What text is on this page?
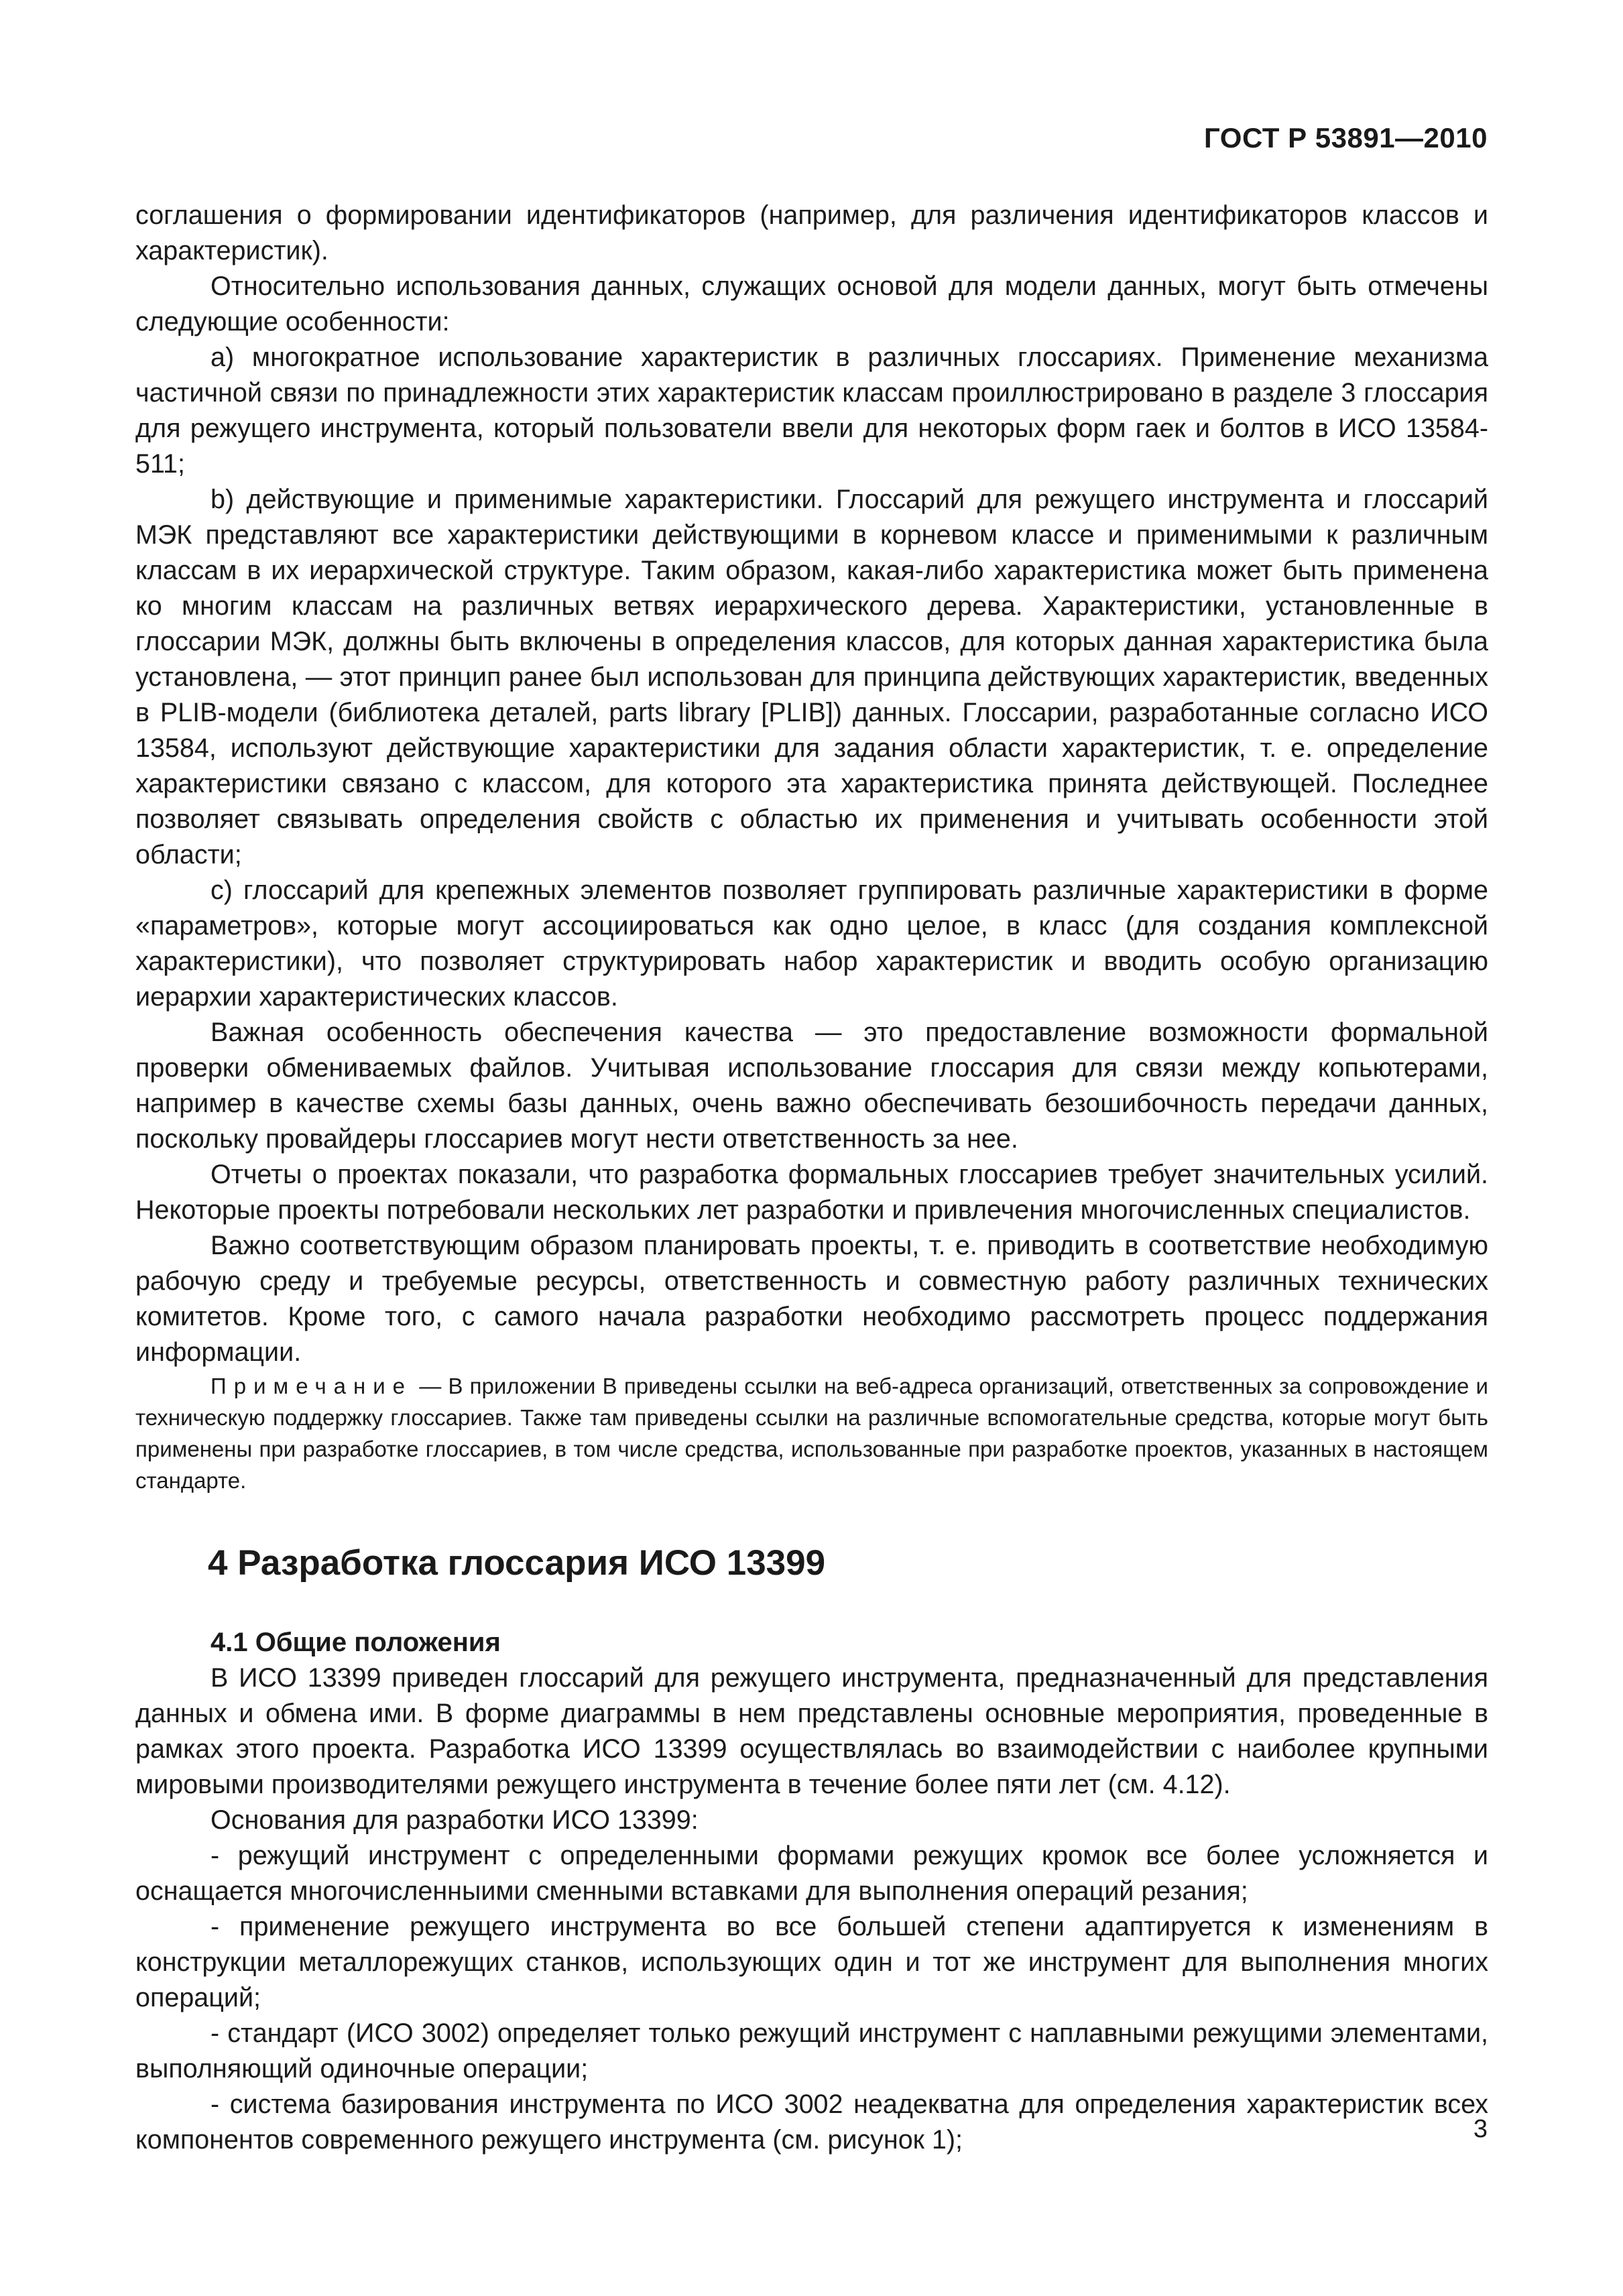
ГОСТ Р 53891—2010

соглашения о формировании идентификаторов (например, для различения идентификаторов классов и характеристик).

Относительно использования данных, служащих основой для модели данных, могут быть отмечены следующие особенности:

a) многократное использование характеристик в различных глоссариях. Применение механизма частичной связи по принадлежности этих характеристик классам проиллюстрировано в разделе 3 глоссария для режущего инструмента, который пользователи ввели для некоторых форм гаек и болтов в ИСО 13584-511;

b) действующие и применимые характеристики. Глоссарий для режущего инструмента и глоссарий МЭК представляют все характеристики действующими в корневом классе и применимыми к различным классам в их иерархической структуре. Таким образом, какая-либо характеристика может быть применена ко многим классам на различных ветвях иерархического дерева. Характеристики, установленные в глоссарии МЭК, должны быть включены в определения классов, для которых данная характеристика была установлена, — этот принцип ранее был использован для принципа действующих характеристик, введенных в PLIB-модели (библиотека деталей, parts library [PLIB]) данных. Глоссарии, разработанные согласно ИСО 13584, используют действующие характеристики для задания области характеристик, т. е. определение характеристики связано с классом, для которого эта характеристика принята действующей. Последнее позволяет связывать определения свойств с областью их применения и учитывать особенности этой области;

c) глоссарий для крепежных элементов позволяет группировать различные характеристики в форме «параметров», которые могут ассоциироваться как одно целое, в класс (для создания комплексной характеристики), что позволяет структурировать набор характеристик и вводить особую организацию иерархии характеристических классов.

Важная особенность обеспечения качества — это предоставление возможности формальной проверки обмениваемых файлов. Учитывая использование глоссария для связи между копьютерами, например в качестве схемы базы данных, очень важно обеспечивать безошибочность передачи данных, поскольку провайдеры глоссариев могут нести ответственность за нее.

Отчеты о проектах показали, что разработка формальных глоссариев требует значительных усилий. Некоторые проекты потребовали нескольких лет разработки и привлечения многочисленных специалистов.

Важно соответствующим образом планировать проекты, т. е. приводить в соответствие необходимую рабочую среду и требуемые ресурсы, ответственность и совместную работу различных технических комитетов. Кроме того, с самого начала разработки необходимо рассмотреть процесс поддержания информации.

Примечание — В приложении В приведены ссылки на веб-адреса организаций, ответственных за сопровождение и техническую поддержку глоссариев. Также там приведены ссылки на различные вспомогательные средства, которые могут быть применены при разработке глоссариев, в том числе средства, использованные при разработке проектов, указанных в настоящем стандарте.

4 Разработка глоссария ИСО 13399
4.1 Общие положения

В ИСО 13399 приведен глоссарий для режущего инструмента, предназначенный для представления данных и обмена ими. В форме диаграммы в нем представлены основные мероприятия, проведенные в рамках этого проекта. Разработка ИСО 13399 осуществлялась во взаимодействии с наиболее крупными мировыми производителями режущего инструмента в течение более пяти лет (см. 4.12).

Основания для разработки ИСО 13399:

- режущий инструмент с определенными формами режущих кромок все более усложняется и оснащается многочисленныими сменными вставками для выполнения операций резания;

- применение режущего инструмента во все большей степени адаптируется к изменениям в конструкции металлорежущих станков, использующих один и тот же инструмент для выполнения многих операций;

- стандарт (ИСО 3002) определяет только режущий инструмент с наплавными режущими элементами, выполняющий одиночные операции;

- система базирования инструмента по ИСО 3002 неадекватна для определения характеристик всех компонентов современного режущего инструмента (см. рисунок 1);	3
